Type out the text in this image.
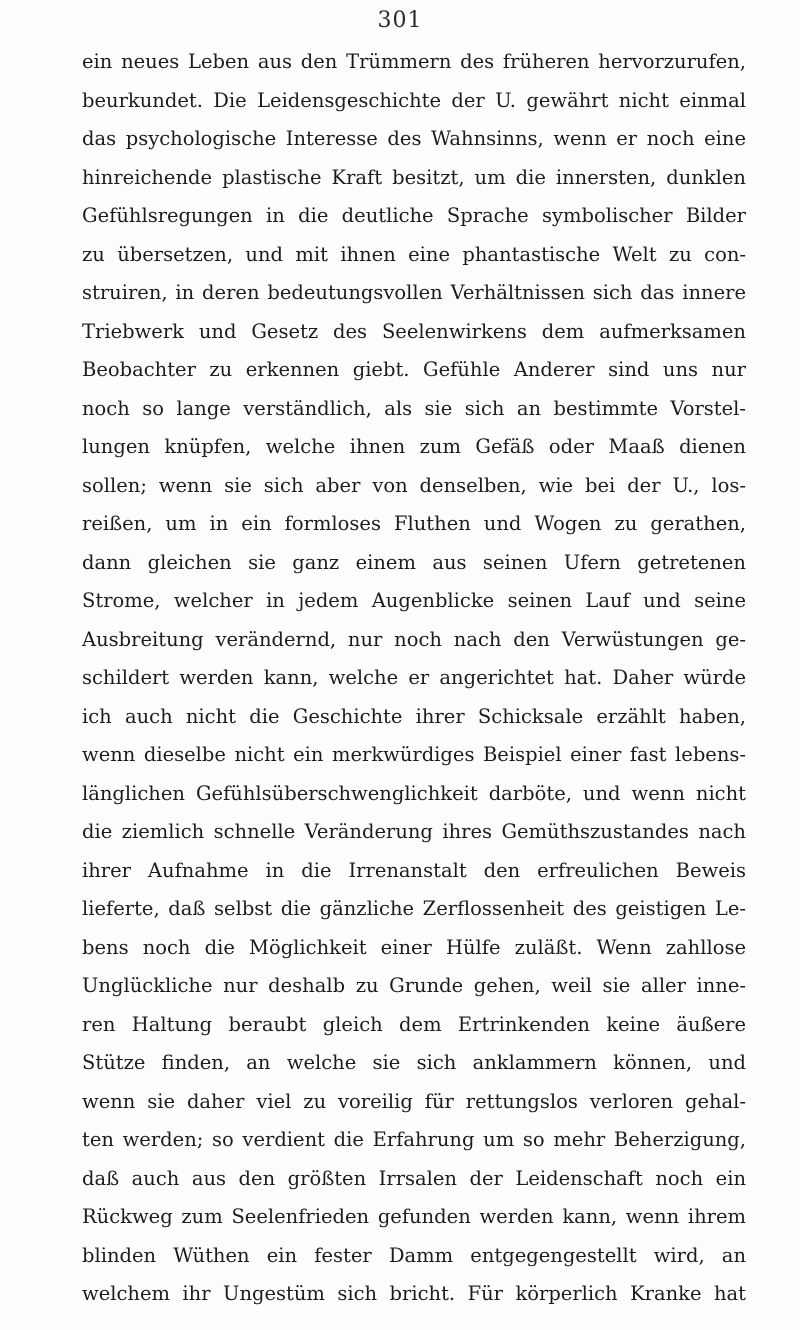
301
ein neues Leben aus den Trümmern des früheren hervorzurufen,
beurkundet. Die Leidensgeschichte der U. gewährt nicht einmal
das psychologische Interesse des Wahnsinns, wenn er noch eine
hinreichende plastische Kraft besitzt, um die innersten, dunklen
Gefühlsregungen in die deutliche Sprache symbolischer Bilder
zu übersetzen, und mit ihnen eine phantastische Welt zu con-
struiren, in deren bedeutungsvollen Verhältnissen sich das innere
Triebwerk und Gesetz des Seelenwirkens dem aufmerksamen
Beobachter zu erkennen giebt. Gefühle Anderer sind uns nur
noch so lange verständlich, als sie sich an bestimmte Vorstel-
lungen knüpfen, welche ihnen zum Gefäß oder Maaß dienen
sollen; wenn sie sich aber von denselben, wie bei der U., los-
reißen, um in ein formloses Fluthen und Wogen zu gerathen,
dann gleichen sie ganz einem aus seinen Ufern getretenen
Strome, welcher in jedem Augenblicke seinen Lauf und seine
Ausbreitung verändernd, nur noch nach den Verwüstungen ge-
schildert werden kann, welche er angerichtet hat. Daher würde
ich auch nicht die Geschichte ihrer Schicksale erzählt haben,
wenn dieselbe nicht ein merkwürdiges Beispiel einer fast lebens-
länglichen Gefühlsüberschwenglichkeit darböte, und wenn nicht
die ziemlich schnelle Veränderung ihres Gemüthszustandes nach
ihrer Aufnahme in die Irrenanstalt den erfreulichen Beweis
lieferte, daß selbst die gänzliche Zerflossenheit des geistigen Le-
bens noch die Möglichkeit einer Hülfe zuläßt. Wenn zahllose
Unglückliche nur deshalb zu Grunde gehen, weil sie aller inne-
ren Haltung beraubt gleich dem Ertrinkenden keine äußere
Stütze finden, an welche sie sich anklammern können, und
wenn sie daher viel zu voreilig für rettungslos verloren gehal-
ten werden; so verdient die Erfahrung um so mehr Beherzigung,
daß auch aus den größten Irrsalen der Leidenschaft noch ein
Rückweg zum Seelenfrieden gefunden werden kann, wenn ihrem
blinden Wüthen ein fester Damm entgegengestellt wird, an
welchem ihr Ungestüm sich bricht. Für körperlich Kranke hat
